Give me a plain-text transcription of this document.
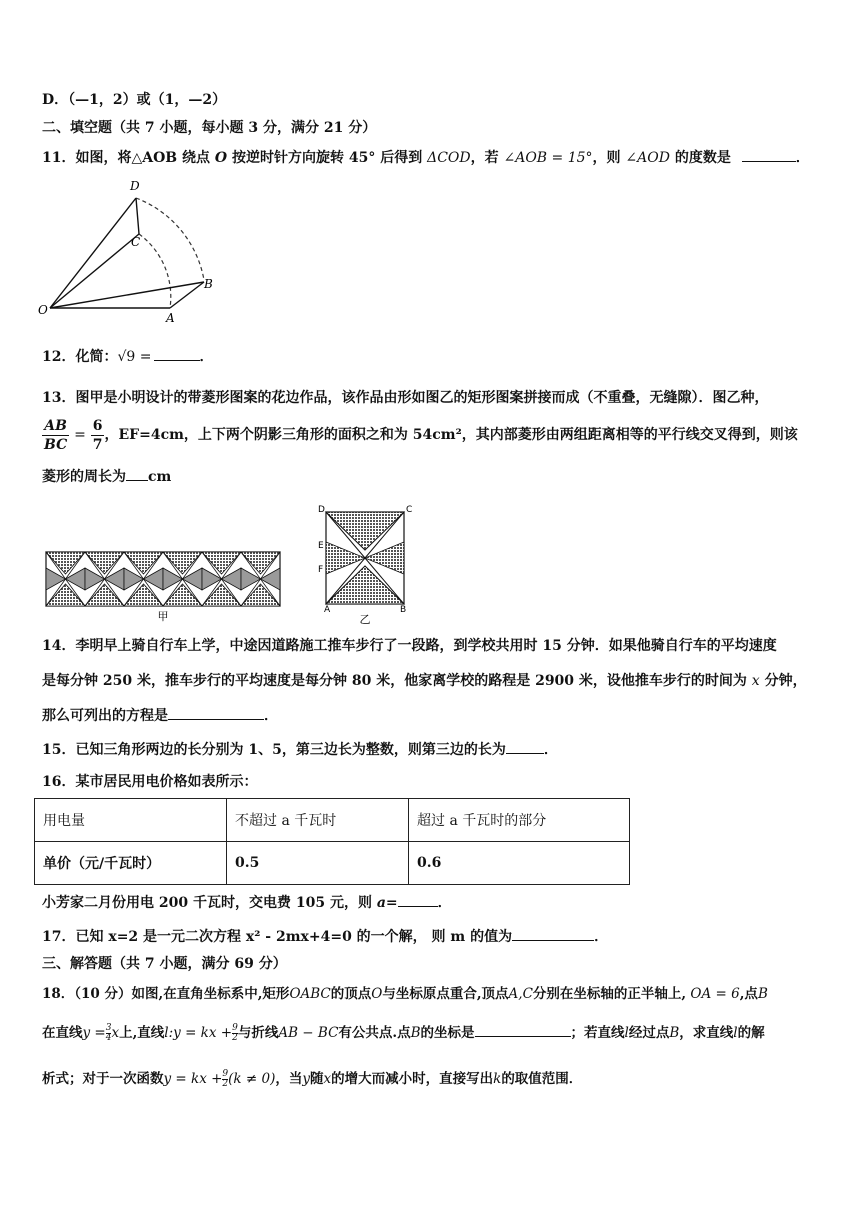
D．（—1，2）或（1，—2）
二、填空题（共 7 小题，每小题 3 分，满分 21 分）
11．如图，将△AOB 绕点 O 按逆时针方向旋转 45° 后得到 ΔCOD，若 ∠AOB = 15°，则 ∠AOD 的度数是	．
D
C
B
O
A
12．化简：√9 =	．
13．图甲是小明设计的带菱形图案的花边作品，该作品由形如图乙的矩形图案拼接而成（不重叠，无缝隙）．图乙种，
$\frac{AB}{BC} = \frac{6}{7}$ ，EF=4cm，上下两个阴影三角形的面积之和为 54cm²，其内部菱形由两组距离相等的平行线交叉得到，则该
菱形的周长为 cm
甲
D	C
E
F
A	B
乙
14．李明早上骑自行车上学，中途因道路施工推车步行了一段路，到学校共用时 15 分钟．如果他骑自行车的平均速度
是每分钟 250 米，推车步行的平均速度是每分钟 80 米，他家离学校的路程是 2900 米，设他推车步行的时间为 x 分钟，
那么可列出的方程是	．
15．已知三角形两边的长分别为 1、5，第三边长为整数，则第三边的长为	．
16．某市居民用电价格如表所示：
用电量	不超过 a 千瓦时	超过 a 千瓦时的部分
单价（元/千瓦时）	0.5	0.6
小芳家二月份用电 200 千瓦时，交电费 105 元，则 a=	．
17．已知 x=2 是一元二次方程 x² - 2mx+4=0 的一个解， 则 m 的值为	．
三、解答题（共 7 小题，满分 69 分）
18．（10 分）如图,在直角坐标系中,矩形OABC的顶点O与坐标原点重合,顶点A,C分别在坐标轴的正半轴上, OA = 6,点B
在直线$y = \frac{3}{4}x$上,直线l:y = kx + $\frac{9}{2}$与折线AB − BC有公共点.点B的坐标是	；若直线l经过点B，求直线l的解
析式；对于一次函数y = kx + $\frac{9}{2}(k \ne 0)$，当y随x的增大而减小时，直接写出k的取值范围．
